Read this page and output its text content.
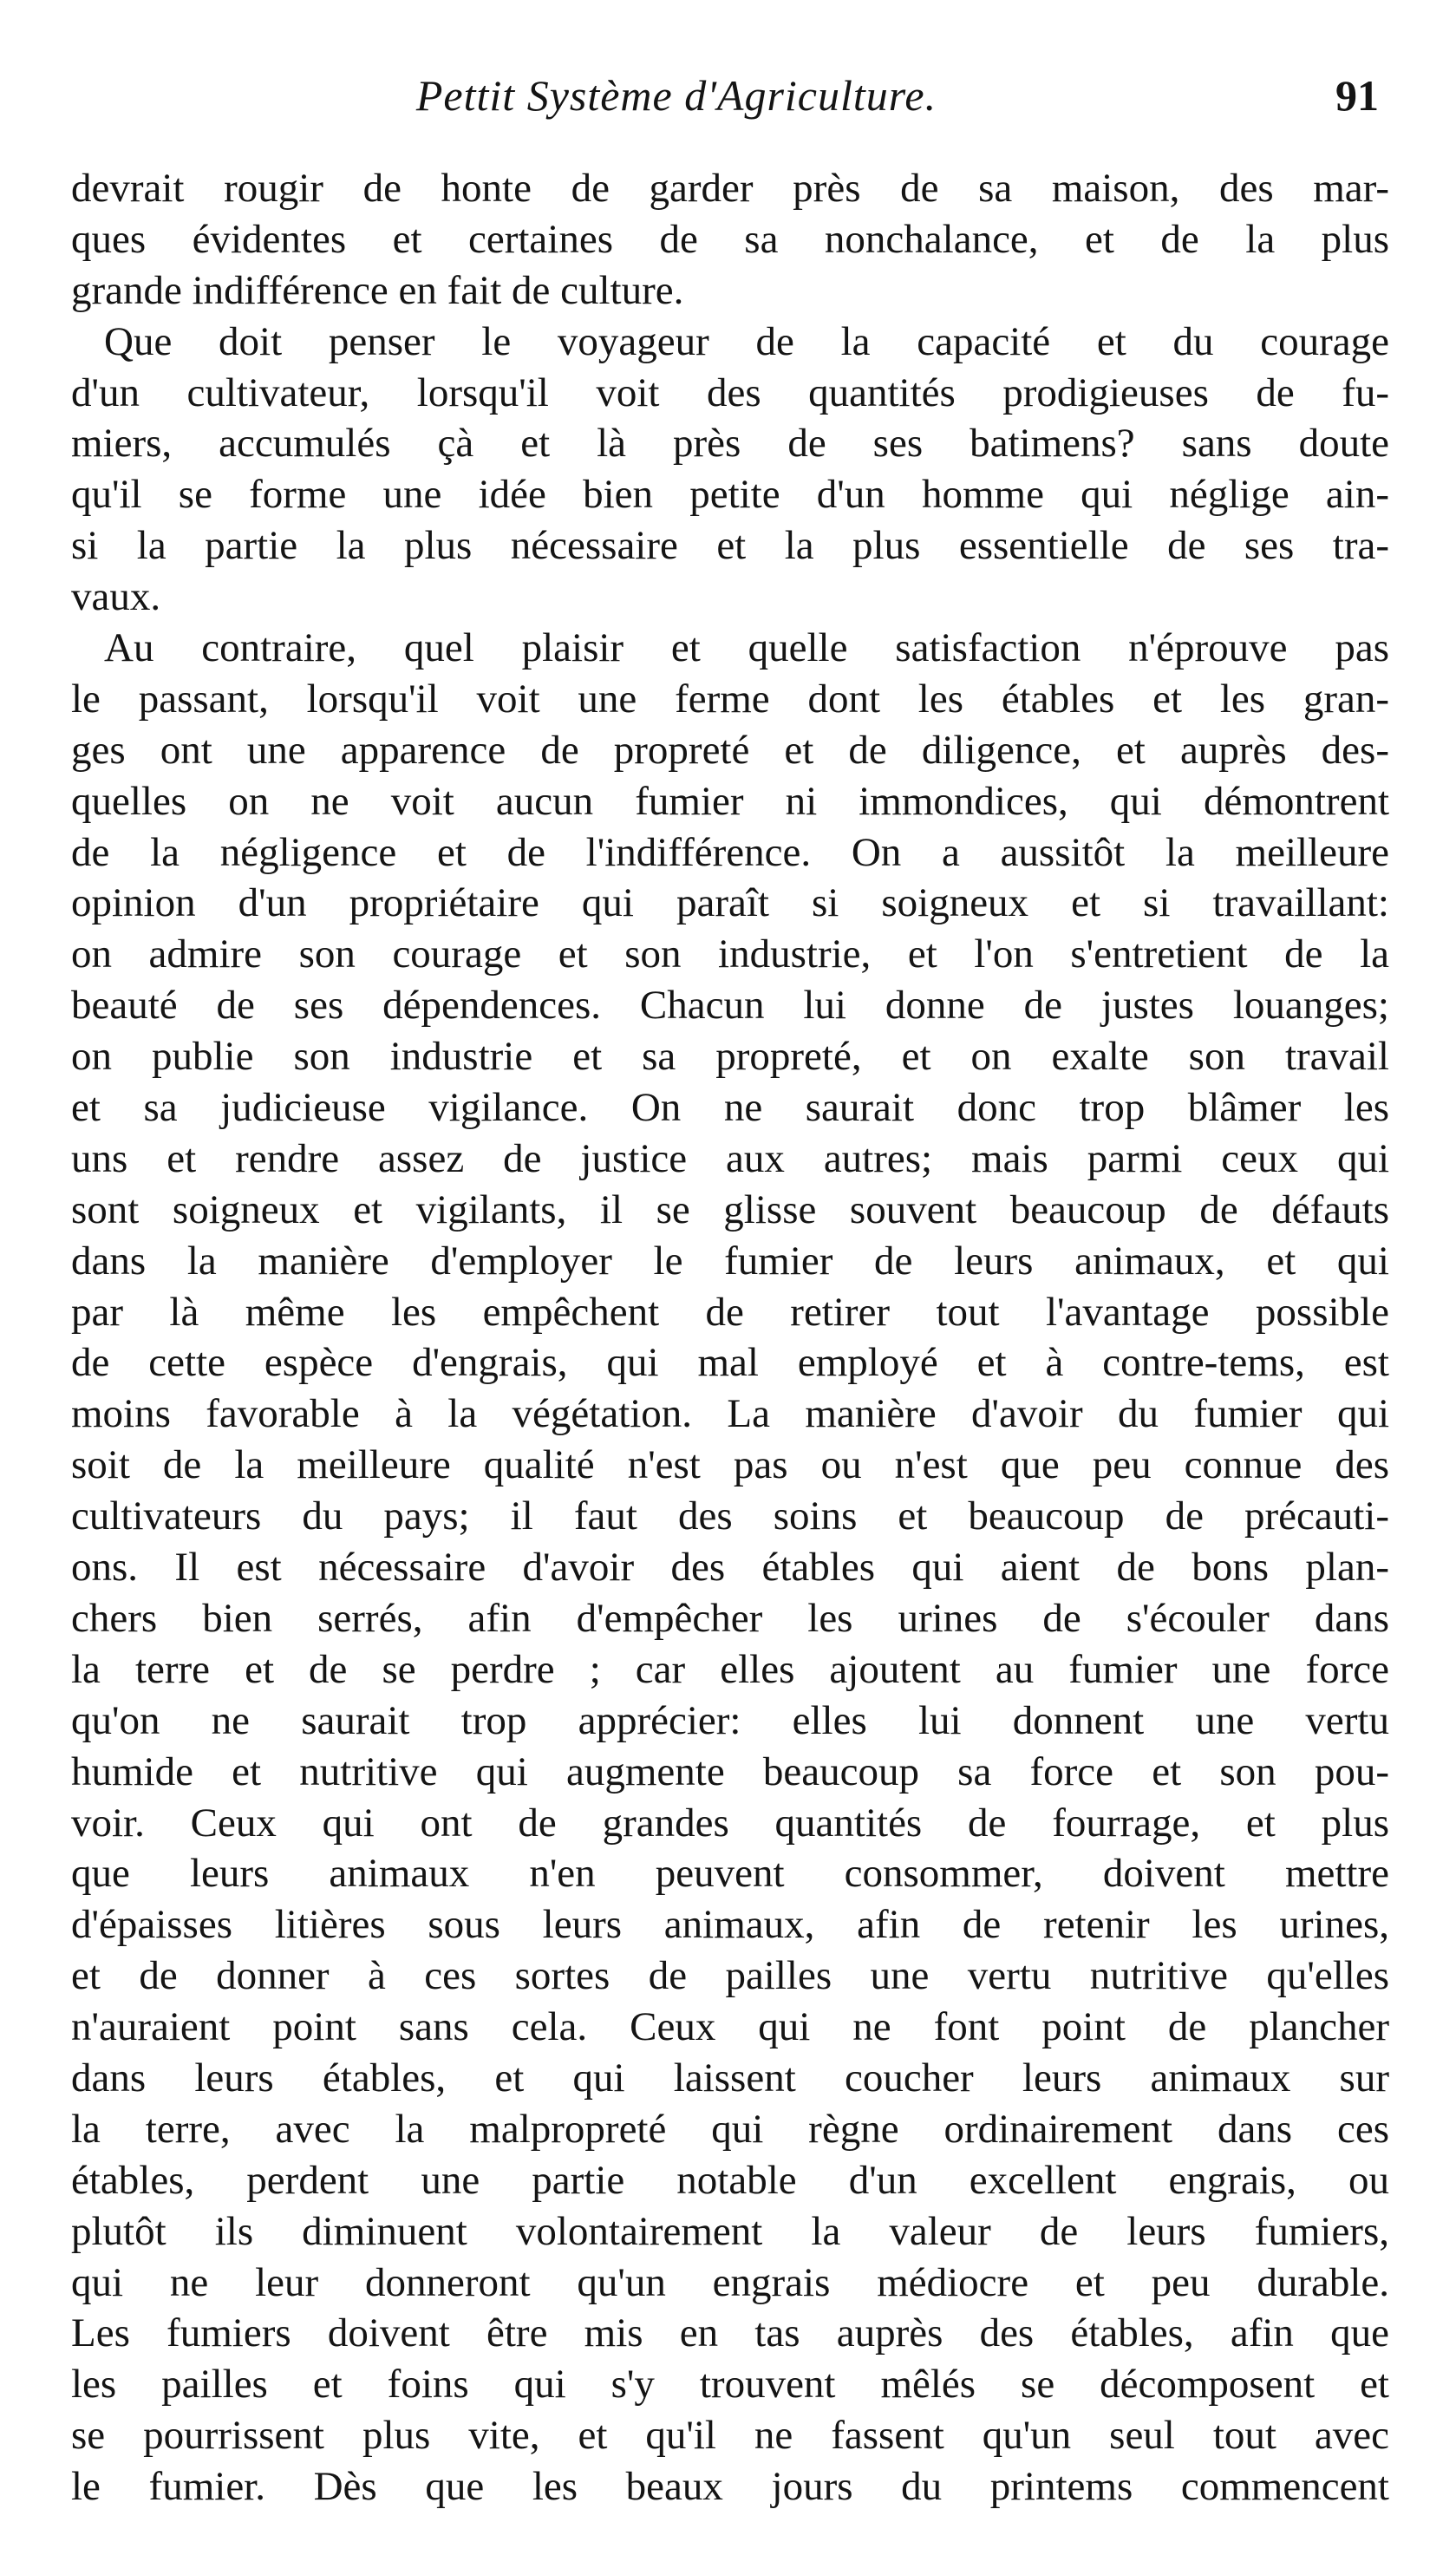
Pettit Système d'Agriculture.	91
devrait rougir de honte de garder près de sa maison, des mar-
ques évidentes et certaines de sa nonchalance, et de la plus
grande indifférence en fait de culture.
Que doit penser le voyageur de la capacité et du courage
d'un cultivateur, lorsqu'il voit des quantités prodigieuses de fu-
miers, accumulés çà et là près de ses batimens? sans doute
qu'il se forme une idée bien petite d'un homme qui néglige ain-
si la partie la plus nécessaire et la plus essentielle de ses tra-
vaux.
Au contraire, quel plaisir et quelle satisfaction n'éprouve pas
le passant, lorsqu'il voit une ferme dont les étables et les gran-
ges ont une apparence de propreté et de diligence, et auprès des-
quelles on ne voit aucun fumier ni immondices, qui démontrent
de la négligence et de l'indifférence. On a aussitôt la meilleure
opinion d'un propriétaire qui paraît si soigneux et si travaillant:
on admire son courage et son industrie, et l'on s'entretient de la
beauté de ses dépendences. Chacun lui donne de justes louanges;
on publie son industrie et sa propreté, et on exalte son travail
et sa judicieuse vigilance. On ne saurait donc trop blâmer les
uns et rendre assez de justice aux autres; mais parmi ceux qui
sont soigneux et vigilants, il se glisse souvent beaucoup de défauts
dans la manière d'employer le fumier de leurs animaux, et qui
par là même les empêchent de retirer tout l'avantage possible
de cette espèce d'engrais, qui mal employé et à contre-tems, est
moins favorable à la végétation. La manière d'avoir du fumier qui
soit de la meilleure qualité n'est pas ou n'est que peu connue des
cultivateurs du pays; il faut des soins et beaucoup de précauti-
ons. Il est nécessaire d'avoir des étables qui aient de bons plan-
chers bien serrés, afin d'empêcher les urines de s'écouler dans
la terre et de se perdre ; car elles ajoutent au fumier une force
qu'on ne saurait trop apprécier: elles lui donnent une vertu
humide et nutritive qui augmente beaucoup sa force et son pou-
voir. Ceux qui ont de grandes quantités de fourrage, et plus
que leurs animaux n'en peuvent consommer, doivent mettre
d'épaisses litières sous leurs animaux, afin de retenir les urines,
et de donner à ces sortes de pailles une vertu nutritive qu'elles
n'auraient point sans cela. Ceux qui ne font point de plancher
dans leurs étables, et qui laissent coucher leurs animaux sur
la terre, avec la malpropreté qui règne ordinairement dans ces
étables, perdent une partie notable d'un excellent engrais, ou
plutôt ils diminuent volontairement la valeur de leurs fumiers,
qui ne leur donneront qu'un engrais médiocre et peu durable.
Les fumiers doivent être mis en tas auprès des étables, afin que
les pailles et foins qui s'y trouvent mêlés se décomposent et
se pourrissent plus vite, et qu'il ne fassent qu'un seul tout avec
le fumier. Dès que les beaux jours du printems commencent
